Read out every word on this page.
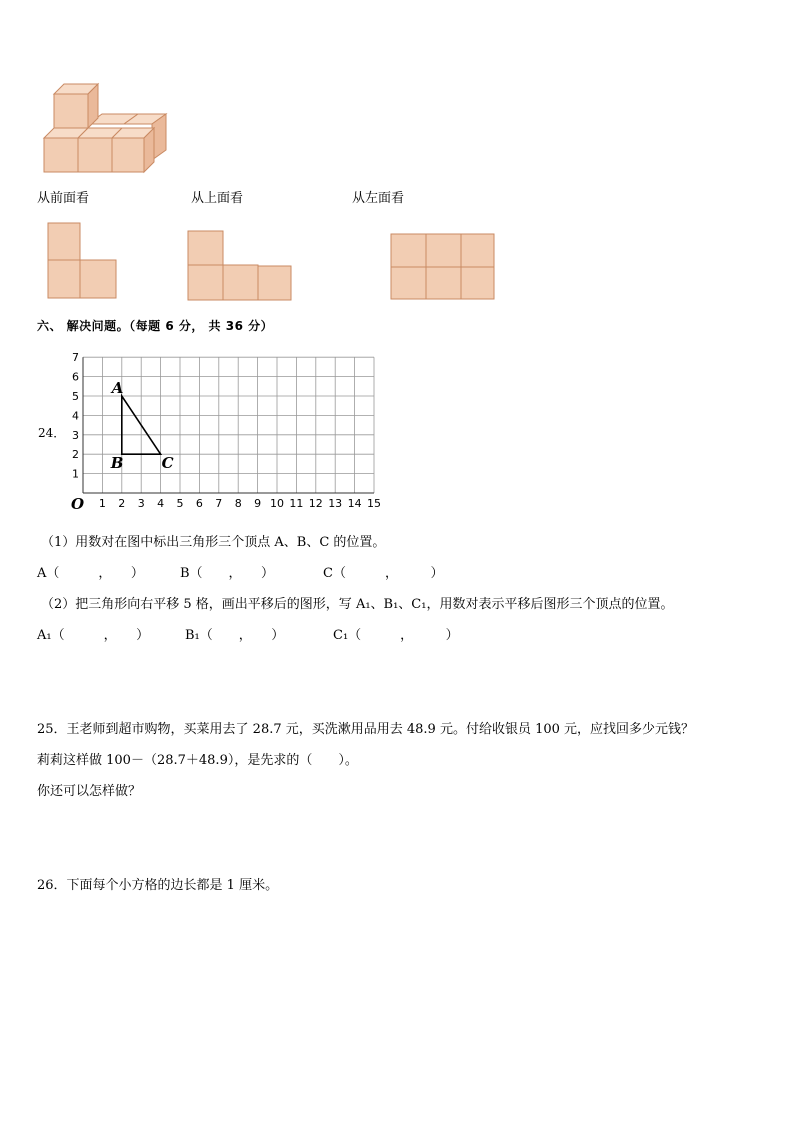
从前面看	从上面看	从左面看
六、 解决问题。（每题 6 分， 共 36 分）
24．
1 2 3 4 5 6 7 8 9 10 11 12 13 14 15
1
2
3
4
5
6
7
O
A
B	C
（1）用数对在图中标出三角形三个顶点 A、B、C 的位置。
A（　　　，　　）	B（　　，　　）	C（　　　，　　　）
（2）把三角形向右平移 5 格，画出平移后的图形，写 A₁、B₁、C₁，用数对表示平移后图形三个顶点的位置。
A₁（　　　，　　）	B₁（　　，　　）	C₁（　　　，　　　）
25．王老师到超市购物，买菜用去了 28.7 元，买洗漱用品用去 48.9 元。付给收银员 100 元，应找回多少元钱？
莉莉这样做 100－（28.7＋48.9），是先求的（　　）。
你还可以怎样做？
26．下面每个小方格的边长都是 1 厘米。
